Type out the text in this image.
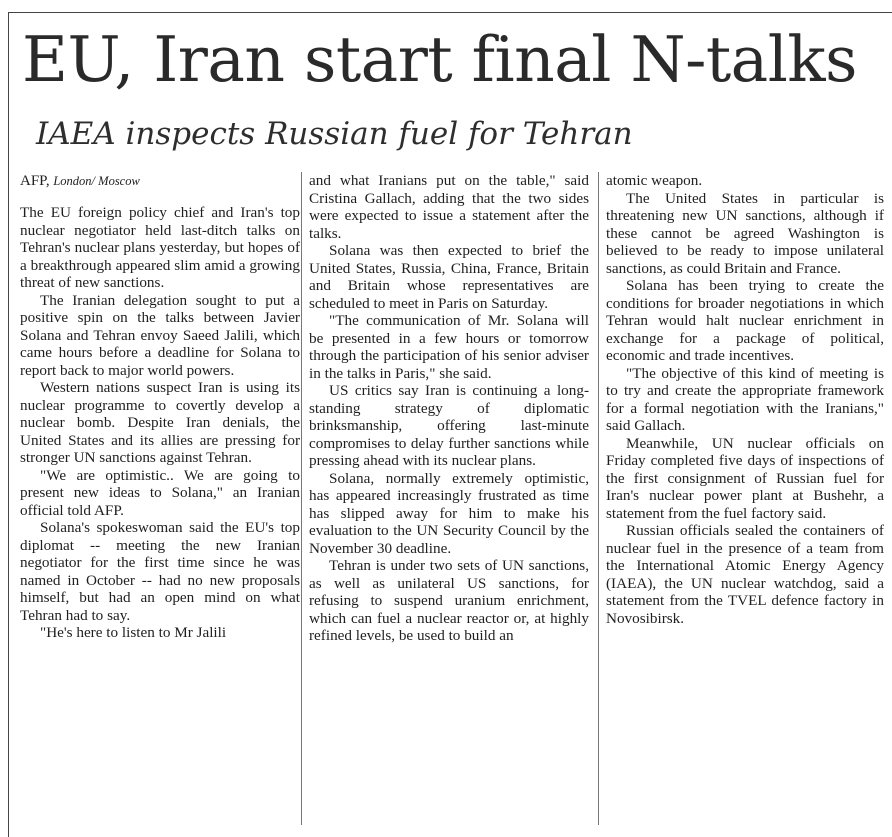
EU, Iran start final N-talks
IAEA inspects Russian fuel for Tehran
AFP, London/ Moscow

The EU foreign policy chief and Iran's top nuclear negotiator held last-ditch talks on Tehran's nuclear plans yesterday, but hopes of a breakthrough appeared slim amid a growing threat of new sanctions.

The Iranian delegation sought to put a positive spin on the talks between Javier Solana and Tehran envoy Saeed Jalili, which came hours before a deadline for Solana to report back to major world powers.

Western nations suspect Iran is using its nuclear programme to covertly develop a nuclear bomb. Despite Iran denials, the United States and its allies are pressing for stronger UN sanctions against Tehran.

"We are optimistic.. We are going to present new ideas to Solana," an Iranian official told AFP.

Solana's spokeswoman said the EU's top diplomat -- meeting the new Iranian negotiator for the first time since he was named in October -- had no new proposals himself, but had an open mind on what Tehran had to say.

"He's here to listen to Mr Jalili

and what Iranians put on the table," said Cristina Gallach, adding that the two sides were expected to issue a statement after the talks.

Solana was then expected to brief the United States, Russia, China, France, Britain and Britain whose representatives are scheduled to meet in Paris on Saturday.

"The communication of Mr. Solana will be presented in a few hours or tomorrow through the participation of his senior adviser in the talks in Paris," she said.

US critics say Iran is continuing a long-standing strategy of diplomatic brinksmanship, offering last-minute compromises to delay further sanctions while pressing ahead with its nuclear plans.

Solana, normally extremely optimistic, has appeared increasingly frustrated as time has slipped away for him to make his evaluation to the UN Security Council by the November 30 deadline.

Tehran is under two sets of UN sanctions, as well as unilateral US sanctions, for refusing to suspend uranium enrichment, which can fuel a nuclear reactor or, at highly refined levels, be used to build an

atomic weapon.

The United States in particular is threatening new UN sanctions, although if these cannot be agreed Washington is believed to be ready to impose unilateral sanctions, as could Britain and France.

Solana has been trying to create the conditions for broader negotiations in which Tehran would halt nuclear enrichment in exchange for a package of political, economic and trade incentives.

"The objective of this kind of meeting is to try and create the appropriate framework for a formal negotiation with the Iranians," said Gallach.

Meanwhile, UN nuclear officials on Friday completed five days of inspections of the first consignment of Russian fuel for Iran's nuclear power plant at Bushehr, a statement from the fuel factory said.

Russian officials sealed the containers of nuclear fuel in the presence of a team from the International Atomic Energy Agency (IAEA), the UN nuclear watchdog, said a statement from the TVEL defence factory in Novosibirsk.
